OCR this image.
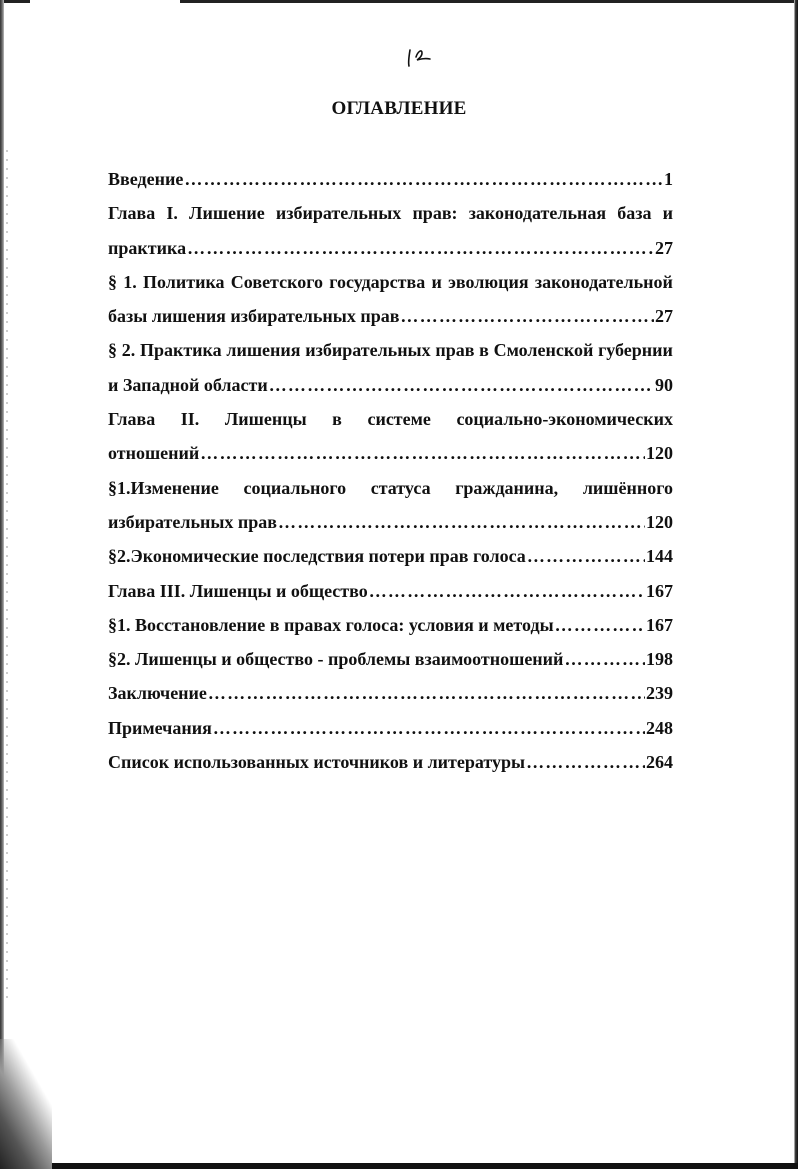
ОГЛАВЛЕНИЕ
Введение ……………………………………………………………………………………………………………………………………………………………………	1
Глава I. Лишение избирательных прав: законодательная база и
практика ……………………………………………………………………………………………………………………………………………………………………	27
§ 1. Политика Советского государства и эволюция законодательной
базы лишения избирательных прав ……………………………………………………………………………………………………………………………………………………………………	27
§ 2. Практика лишения избирательных прав в Смоленской губернии
и Западной области ……………………………………………………………………………………………………………………………………………………………………	90
Глава II. Лишенцы в системе социально-экономических
отношений ……………………………………………………………………………………………………………………………………………………………………	120
§1.Изменение социального статуса гражданина, лишённого
избирательных прав ……………………………………………………………………………………………………………………………………………………………………	120
§2.Экономические последствия потери прав голоса ……………………………………………………………………………………………………………………………………………………………………	144
Глава III. Лишенцы и общество ……………………………………………………………………………………………………………………………………………………………………	167
§1. Восстановление в правах голоса: условия и методы ……………………………………………………………………………………………………………………………………………………………………	167
§2. Лишенцы и общество - проблемы взаимоотношений ……………………………………………………………………………………………………………………………………………………………………	198
Заключение ……………………………………………………………………………………………………………………………………………………………………	239
Примечания ……………………………………………………………………………………………………………………………………………………………………	248
Список использованных источников и литературы ……………………………………………………………………………………………………………………………………………………………………	264
